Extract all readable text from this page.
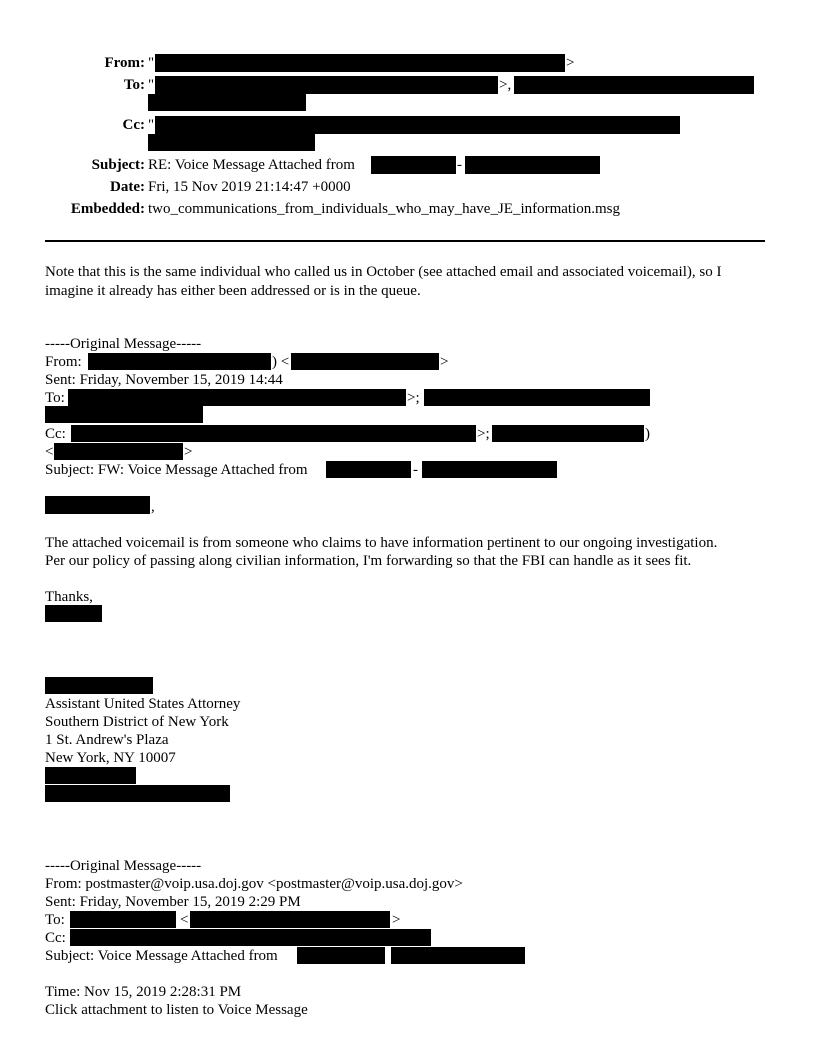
From: "	>
To: "	>,
Cc: "
Subject: RE: Voice Message Attached from	-
Date: Fri, 15 Nov 2019 21:14:47 +0000
Embedded: two_communications_from_individuals_who_may_have_JE_information.msg
Note that this is the same individual who called us in October (see attached email and associated voicemail), so I
imagine it already has either been addressed or is in the queue.
-----Original Message-----
From:	) <	>
Sent: Friday, November 15, 2019 14:44
To:	>;
Cc:	>;	)
<	>
Subject: FW: Voice Message Attached from	-
,
The attached voicemail is from someone who claims to have information pertinent to our ongoing investigation.
Per our policy of passing along civilian information, I'm forwarding so that the FBI can handle as it sees fit.
Thanks,
Assistant United States Attorney
Southern District of New York
1 St. Andrew's Plaza
New York, NY 10007
-----Original Message-----
From: postmaster@voip.usa.doj.gov <postmaster@voip.usa.doj.gov>
Sent: Friday, November 15, 2019 2:29 PM
To:	<	>
Cc:
Subject: Voice Message Attached from
Time: Nov 15, 2019 2:28:31 PM
Click attachment to listen to Voice Message
